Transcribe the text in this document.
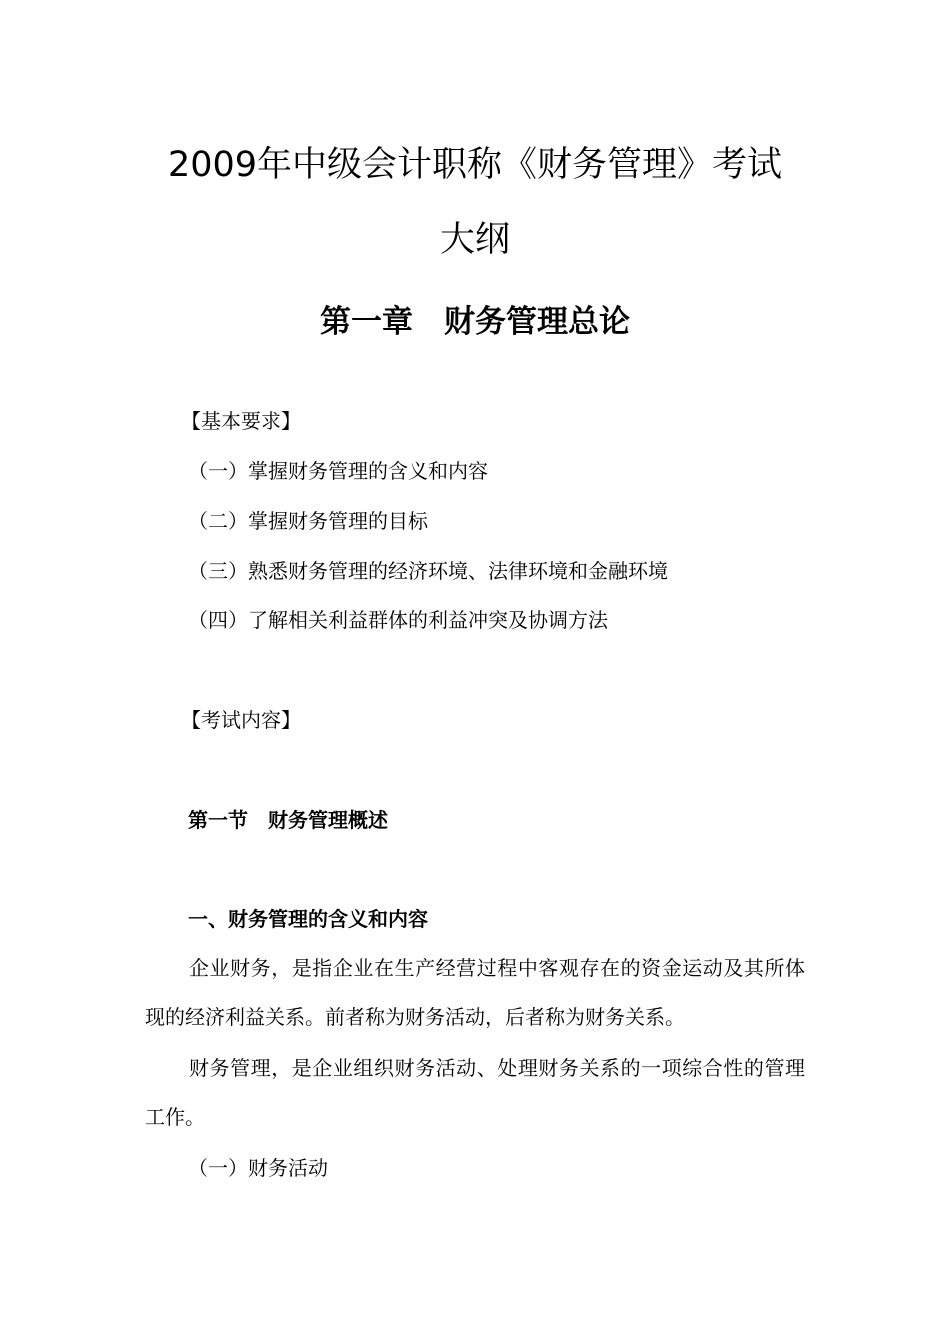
2009年中级会计职称《财务管理》考试
大纲
第一章　财务管理总论
【基本要求】
（一）掌握财务管理的含义和内容
（二）掌握财务管理的目标
（三）熟悉财务管理的经济环境、法律环境和金融环境
（四）了解相关利益群体的利益冲突及协调方法
【考试内容】
第一节　财务管理概述
一、财务管理的含义和内容

企业财务，是指企业在生产经营过程中客观存在的资金运动及其所体现的经济利益关系。前者称为财务活动，后者称为财务关系。

财务管理，是企业组织财务活动、处理财务关系的一项综合性的管理工作。

（一）财务活动
